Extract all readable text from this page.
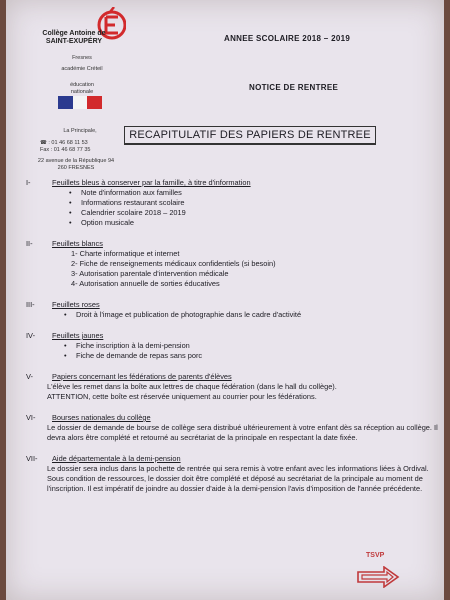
Collège Antoine de SAINT-EXUPÉRY
Fresnes
académie Créteil
éducation nationale
La Principale,
☎ : 01 46 68 11 53
Fax : 01 46 68 77 35
22 avenue de la République 94 260 FRESNES
ANNEE SCOLAIRE 2018 – 2019
NOTICE DE RENTREE
RECAPITULATIF DES PAPIERS DE RENTREE
I-	Feuillets bleus à conserver par la famille, à titre d'information
• Note d'information aux familles
• Informations restaurant scolaire
• Calendrier scolaire 2018 – 2019
• Option musicale
II-	Feuillets blancs
1- Charte informatique et internet
2- Fiche de renseignements médicaux confidentiels (si besoin)
3- Autorisation parentale d'intervention médicale
4- Autorisation annuelle de sorties éducatives
III-	Feuillets roses
• Droit à l'image et publication de photographie dans le cadre d'activité
IV-	Feuillets jaunes
• Fiche inscription à la demi-pension
• Fiche de demande de repas sans porc
V-	Papiers concernant les fédérations de parents d'élèves
L'élève les remet dans la boîte aux lettres de chaque fédération (dans le hall du collège).
ATTENTION, cette boîte est réservée uniquement au courrier pour les fédérations.
VI-	Bourses nationales du collège
Le dossier de demande de bourse de collège sera distribué ultérieurement à votre enfant dès sa réception au collège. Il devra alors être complété et retourné au secrétariat de la principale en respectant la date fixée.
VII-	Aide départementale à la demi-pension
Le dossier sera inclus dans la pochette de rentrée qui sera remis à votre enfant avec les informations liées à Ordival. Sous condition de ressources, le dossier doit être complété et déposé au secrétariat de la principale au moment de l'inscription. Il est impératif de joindre au dossier d'aide à la demi-pension l'avis d'imposition de l'année précédente.
TSVP
